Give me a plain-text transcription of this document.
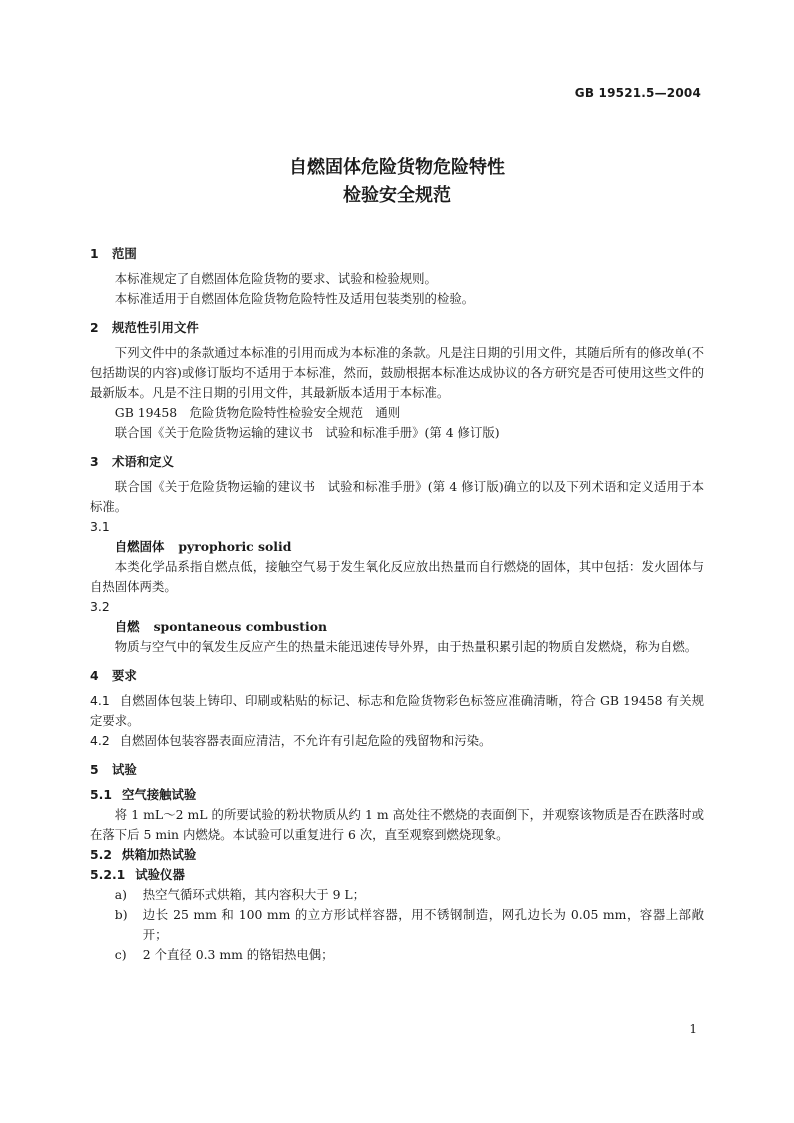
GB 19521.5—2004
自燃固体危险货物危险特性
检验安全规范
1 范围

本标准规定了自燃固体危险货物的要求、试验和检验规则。

本标准适用于自燃固体危险货物危险特性及适用包装类别的检验。

2 规范性引用文件

下列文件中的条款通过本标准的引用而成为本标准的条款。凡是注日期的引用文件，其随后所有的修改单(不包括勘误的内容)或修订版均不适用于本标准，然而，鼓励根据本标准达成协议的各方研究是否可使用这些文件的最新版本。凡是不注日期的引用文件，其最新版本适用于本标准。

GB 19458　危险货物危险特性检验安全规范　通则

联合国《关于危险货物运输的建议书　试验和标准手册》(第 4 修订版)

3 术语和定义

联合国《关于危险货物运输的建议书　试验和标准手册》(第 4 修订版)确立的以及下列术语和定义适用于本标准。

3.1
自燃固体 pyrophoric solid

本类化学品系指自燃点低，接触空气易于发生氧化反应放出热量而自行燃烧的固体，其中包括：发火固体与自热固体两类。

3.2
自燃 spontaneous combustion

物质与空气中的氧发生反应产生的热量未能迅速传导外界，由于热量积累引起的物质自发燃烧，称为自燃。

4 要求

4.1 自燃固体包装上铸印、印刷或粘贴的标记、标志和危险货物彩色标签应准确清晰，符合 GB 19458 有关规定要求。

4.2 自燃固体包装容器表面应清洁，不允许有引起危险的残留物和污染。

5 试验
5.1 空气接触试验

将 1 mL～2 mL 的所要试验的粉状物质从约 1 m 高处往不燃烧的表面倒下，并观察该物质是否在跌落时或在落下后 5 min 内燃烧。本试验可以重复进行 6 次，直至观察到燃烧现象。

5.2 烘箱加热试验
5.2.1 试验仪器
a)	热空气循环式烘箱，其内容积大于 9 L；
b)	边长 25 mm 和 100 mm 的立方形试样容器，用不锈钢制造，网孔边长为 0.05 mm，容器上部敞开；
c)	2 个直径 0.3 mm 的铬铝热电偶；
1
